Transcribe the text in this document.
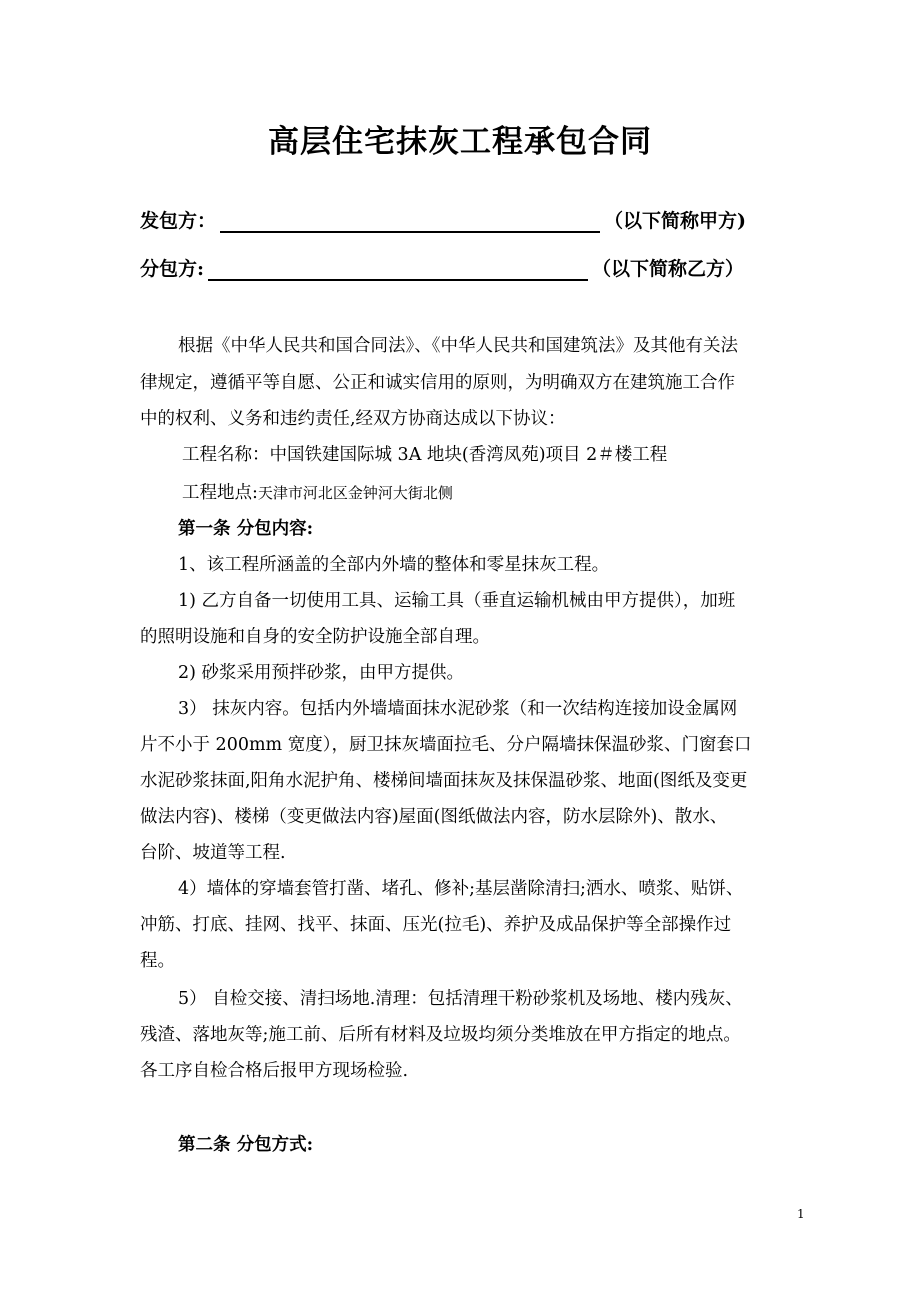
高层住宅抹灰工程承包合同
发包方：	（以下简称甲方)
分包方:	（以下简称乙方）
根据《中华人民共和国合同法》、《中华人民共和国建筑法》及其他有关法
律规定，遵循平等自愿、公正和诚实信用的原则，为明确双方在建筑施工合作
中的权利、义务和违约责任,经双方协商达成以下协议：
工程名称：中国铁建国际城 3A 地块(香湾凤苑)项目 2＃楼工程
工程地点:天津市河北区金钟河大街北侧
第一条 分包内容:
1、该工程所涵盖的全部内外墙的整体和零星抹灰工程。
1) 乙方自备一切使用工具、运输工具（垂直运输机械由甲方提供），加班
的照明设施和自身的安全防护设施全部自理。
2) 砂浆采用预拌砂浆，由甲方提供。
3） 抹灰内容。包括内外墙墙面抹水泥砂浆（和一次结构连接加设金属网
片不小于 200mm 宽度），厨卫抹灰墙面拉毛、分户隔墙抹保温砂浆、门窗套口
水泥砂浆抹面,阳角水泥护角、楼梯间墙面抹灰及抹保温砂浆、地面(图纸及变更
做法内容)、楼梯（变更做法内容)屋面(图纸做法内容，防水层除外)、散水、
台阶、坡道等工程.
4）墙体的穿墙套管打凿、堵孔、修补;基层凿除清扫;洒水、喷浆、贴饼、
冲筋、打底、挂网、找平、抹面、压光(拉毛)、养护及成品保护等全部操作过
程。
5） 自检交接、清扫场地.清理：包括清理干粉砂浆机及场地、楼内残灰、
残渣、落地灰等;施工前、后所有材料及垃圾均须分类堆放在甲方指定的地点。
各工序自检合格后报甲方现场检验.
第二条 分包方式:
1
